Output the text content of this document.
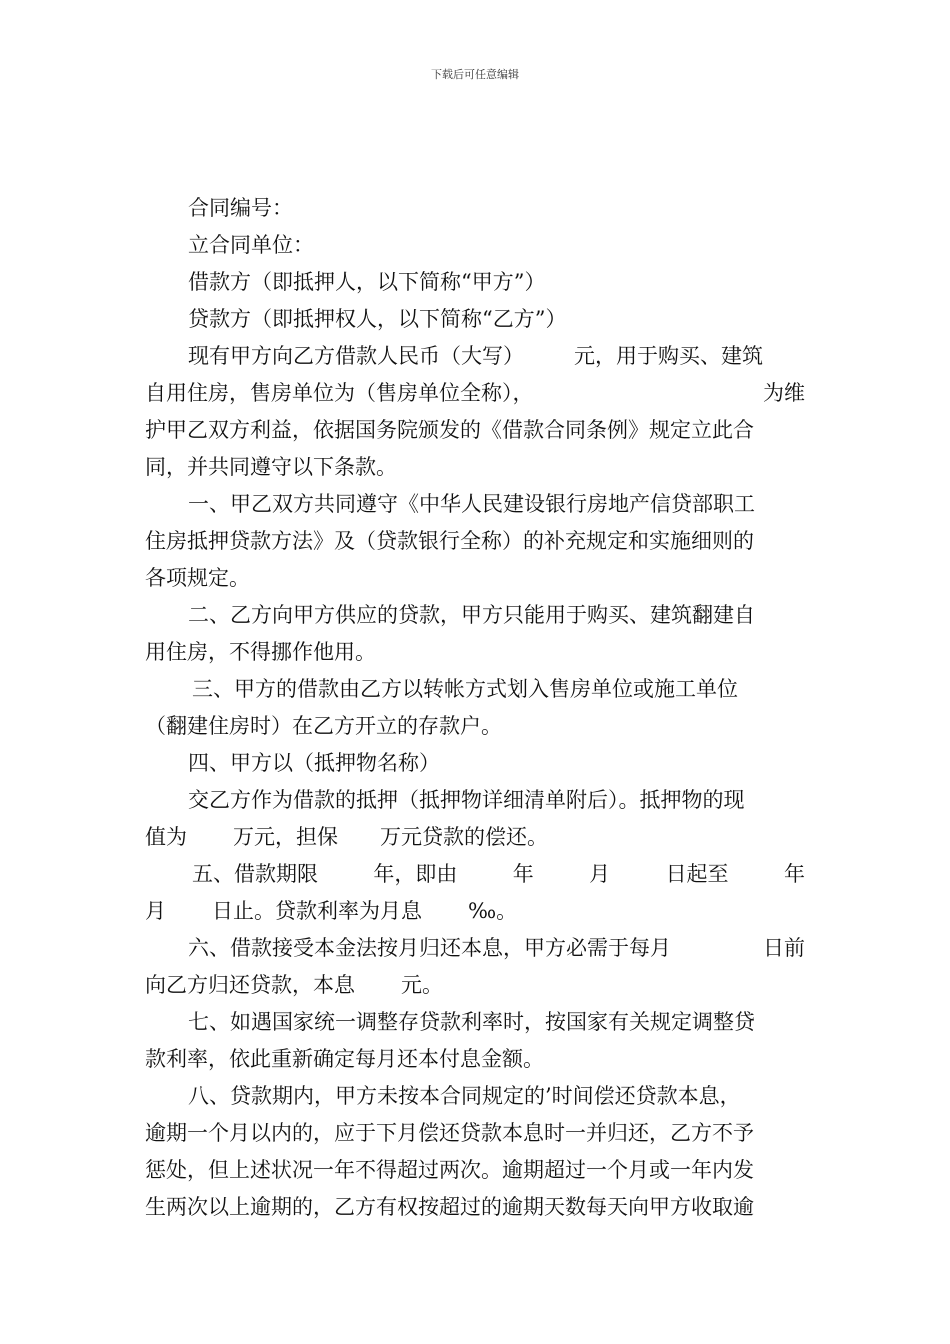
下载后可任意编辑
合同编号：
立合同单位：
借款方（即抵押人，以下简称“甲方”）
贷款方（即抵押权人，以下简称“乙方”）
现有甲方向乙方借款人民币（大写） 元，用于购买、建筑
自用住房，售房单位为（售房单位全称），	为维
护甲乙双方利益，依据国务院颁发的《借款合同条例》规定立此合
同，并共同遵守以下条款。
一、甲乙双方共同遵守《中华人民建设银行房地产信贷部职工
住房抵押贷款方法》及（贷款银行全称）的补充规定和实施细则的
各项规定。
二、乙方向甲方供应的贷款，甲方只能用于购买、建筑翻建自
用住房，不得挪作他用。
三、甲方的借款由乙方以转帐方式划入售房单位或施工单位
（翻建住房时）在乙方开立的存款户。
四、甲方以（抵押物名称）
交乙方作为借款的抵押（抵押物详细清单附后）。抵押物的现
值为 万元，担保 万元贷款的偿还。
五、借款期限	年，即由	年	月	日起至	年
月 日止。贷款利率为月息 ‰。
六、借款接受本金法按月归还本息，甲方必需于每月	日前
向乙方归还贷款，本息 元。
七、如遇国家统一调整存贷款利率时，按国家有关规定调整贷
款利率，依此重新确定每月还本付息金额。
八、贷款期内，甲方未按本合同规定的’时间偿还贷款本息，
逾期一个月以内的，应于下月偿还贷款本息时一并归还，乙方不予
惩处，但上述状况一年不得超过两次。逾期超过一个月或一年内发
生两次以上逾期的，乙方有权按超过的逾期天数每天向甲方收取逾
